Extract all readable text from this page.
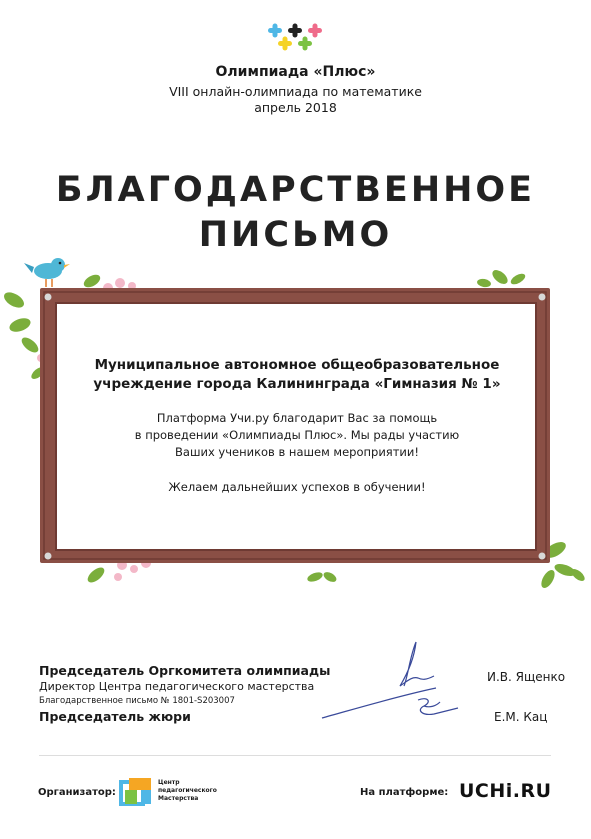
Олимпиада «Плюс»
VIII онлайн-олимпиада по математике
апрель 2018
БЛАГОДАРСТВЕННОЕ
ПИСЬМО
Муниципальное автономное общеобразовательное
учреждение города Калининграда «Гимназия № 1»
Платформа Учи.ру благодарит Вас за помощь
в проведении «Олимпиады Плюс». Мы рады участию
Ваших учеников в нашем мероприятии!
Желаем дальнейших успехов в обучении!
Председатель Оргкомитета олимпиады
Директор Центра педагогического мастерства
Благодарственное письмо № 1801-S203007
Председатель жюри
И.В. Ященко
Е.М. Кац
Организатор:
Центр
педагогического
Мастерства
На платформе: UCHi.RU
